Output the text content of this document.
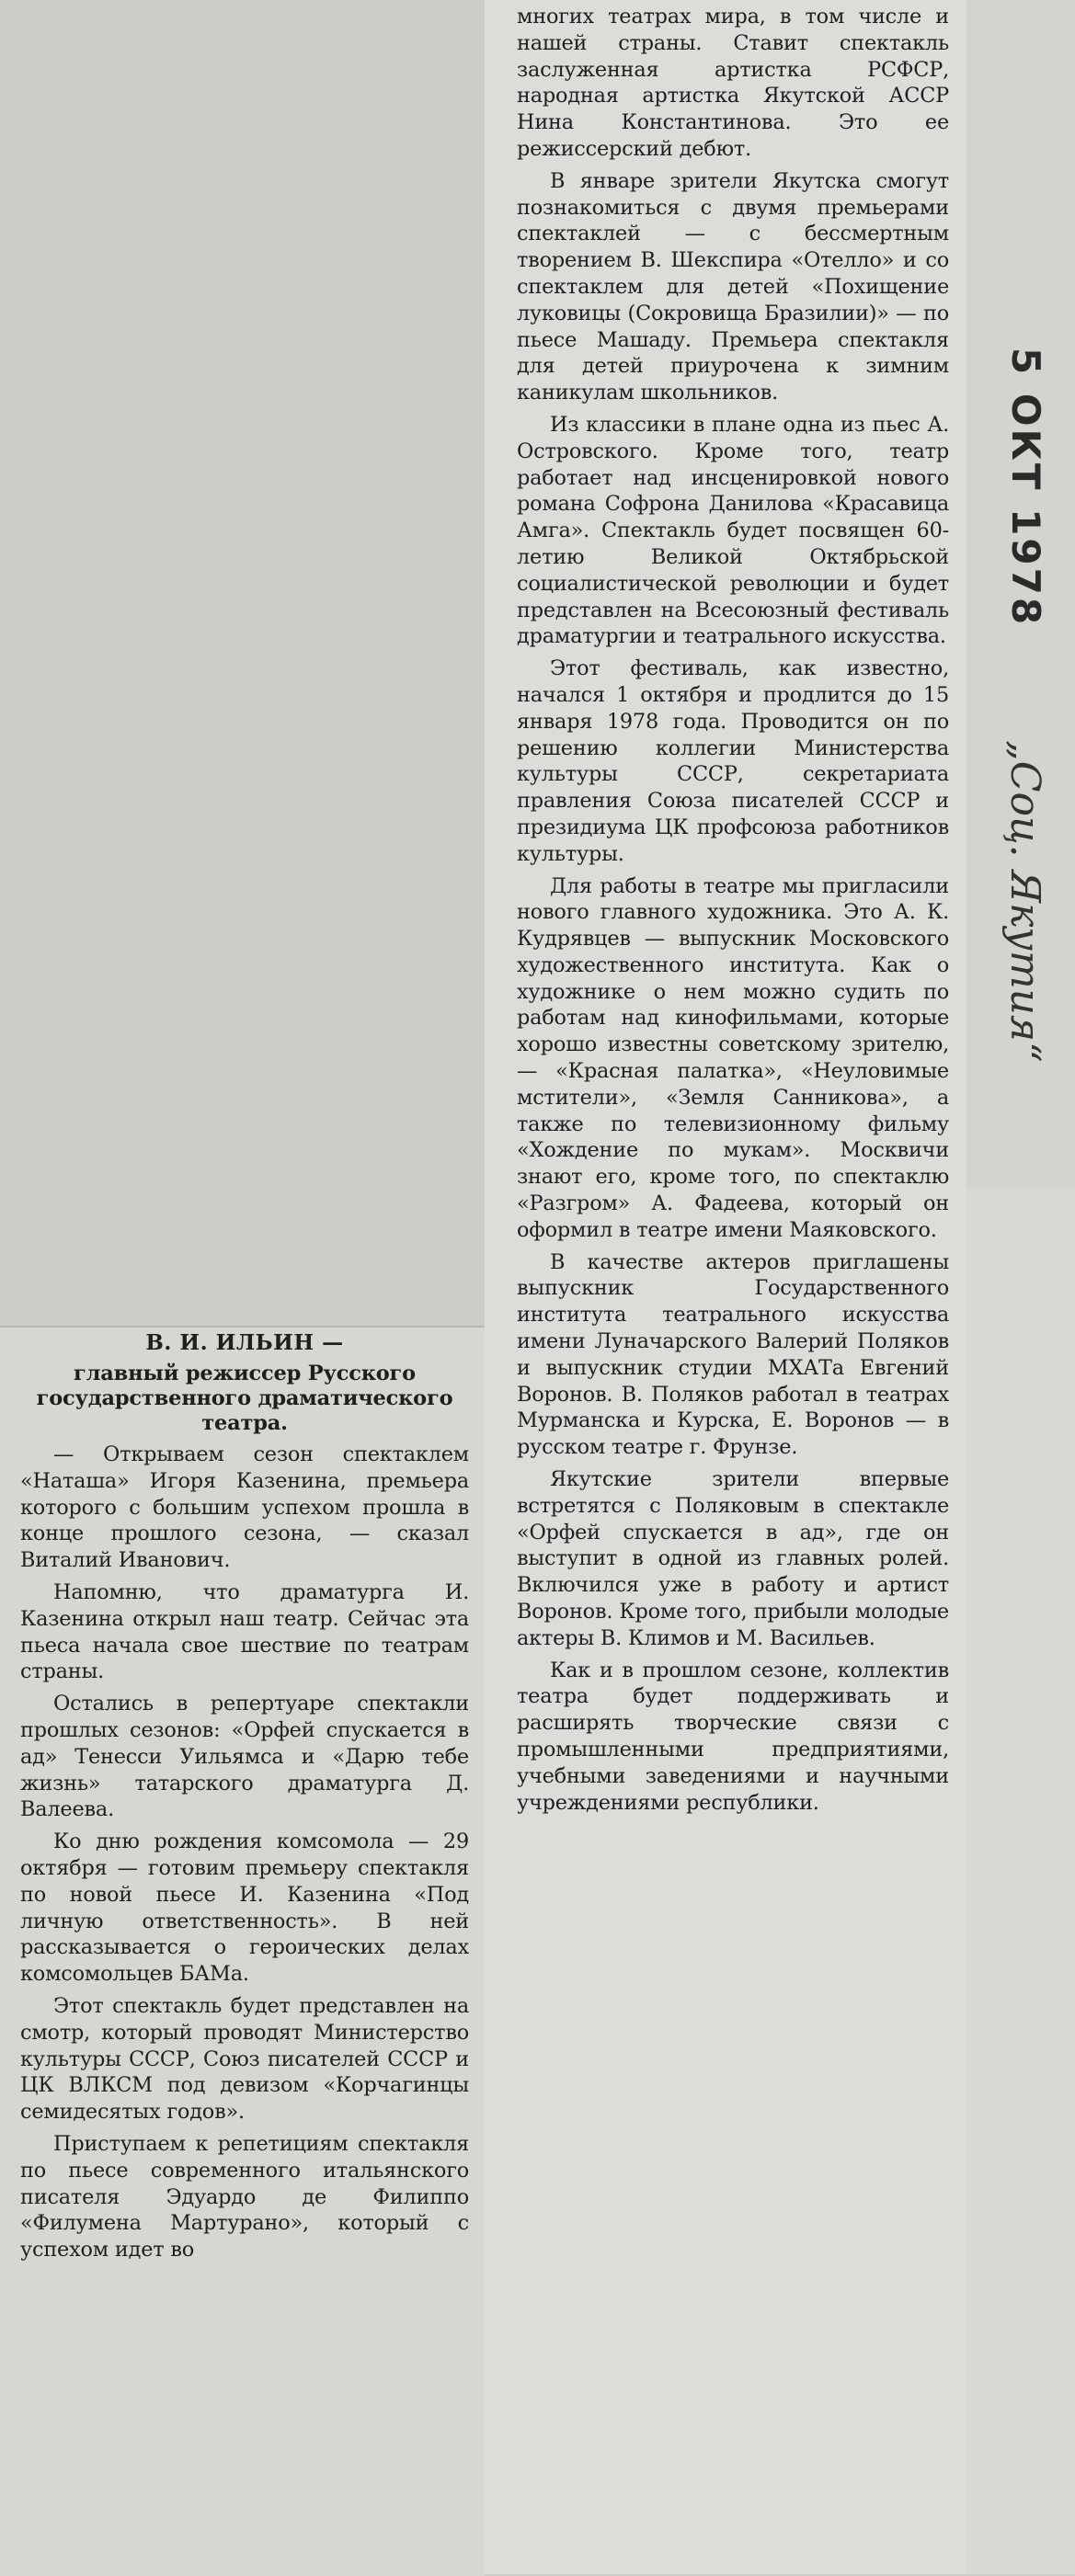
многих театрах мира, в том числе и нашей страны. Ставит спектакль заслуженная артистка РСФСР, народная артистка Якутской АССР Нина Константинова. Это ее режиссерский дебют.

В январе зрители Якутска смогут познакомиться с двумя премьерами спектаклей — с бессмертным творением В. Шекспира «Отелло» и со спектаклем для детей «Похищение луковицы (Сокровища Бразилии)» — по пьесе Машаду. Премьера спектакля для детей приурочена к зимним каникулам школьников.

Из классики в плане одна из пьес А. Островского. Кроме того, театр работает над инсценировкой нового романа Софрона Данилова «Красавица Амга». Спектакль будет посвящен 60-летию Великой Октябрьской социалистической революции и будет представлен на Всесоюзный фестиваль драматургии и театрального искусства.

Этот фестиваль, как известно, начался 1 октября и продлится до 15 января 1978 года. Проводится он по решению коллегии Министерства культуры СССР, секретариата правления Союза писателей СССР и президиума ЦК профсоюза работников культуры.

Для работы в театре мы пригласили нового главного художника. Это А. К. Кудрявцев — выпускник Московского художественного института. Как о художнике о нем можно судить по работам над кинофильмами, которые хорошо известны советскому зрителю, — «Красная палатка», «Неуловимые мстители», «Земля Санникова», а также по телевизионному фильму «Хождение по мукам». Москвичи знают его, кроме того, по спектаклю «Разгром» А. Фадеева, который он оформил в театре имени Маяковского.

В качестве актеров приглашены выпускник Государственного института театрального искусства имени Луначарского Валерий Поляков и выпускник студии МХАТа Евгений Воронов. В. Поляков работал в театрах Мурманска и Курска, Е. Воронов — в русском театре г. Фрунзе.

Якутские зрители впервые встретятся с Поляковым в спектакле «Орфей спускается в ад», где он выступит в одной из главных ролей. Включился уже в работу и артист Воронов. Кроме того, прибыли молодые актеры В. Климов и М. Васильев.

Как и в прошлом сезоне, коллектив театра будет поддерживать и расширять творческие связи с промышленными предприятиями, учебными заведениями и научными учреждениями республики.

В. И. ИЛЬИН —

главный режиссер Русского государственного драматического театра.

— Открываем сезон спектаклем «Наташа» Игоря Казенина, премьера которого с большим успехом прошла в конце прошлого сезона, — сказал Виталий Иванович.

Напомню, что драматурга И. Казенина открыл наш театр. Сейчас эта пьеса начала свое шествие по театрам страны.

Остались в репертуаре спектакли прошлых сезонов: «Орфей спускается в ад» Тенесси Уильямса и «Дарю тебе жизнь» татарского драматурга Д. Валеева.

Ко дню рождения комсомола — 29 октября — готовим премьеру спектакля по новой пьесе И. Казенина «Под личную ответственность». В ней рассказывается о героических делах комсомольцев БАМа.

Этот спектакль будет представлен на смотр, который проводят Министерство культуры СССР, Союз писателей СССР и ЦК ВЛКСМ под девизом «Корчагинцы семидесятых годов».

Приступаем к репетициям спектакля по пьесе современного итальянского писателя Эдуардо де Филиппо «Филумена Мартурано», который с успехом идет во

5 ОКТ 1978
„Соц. Якутия“
